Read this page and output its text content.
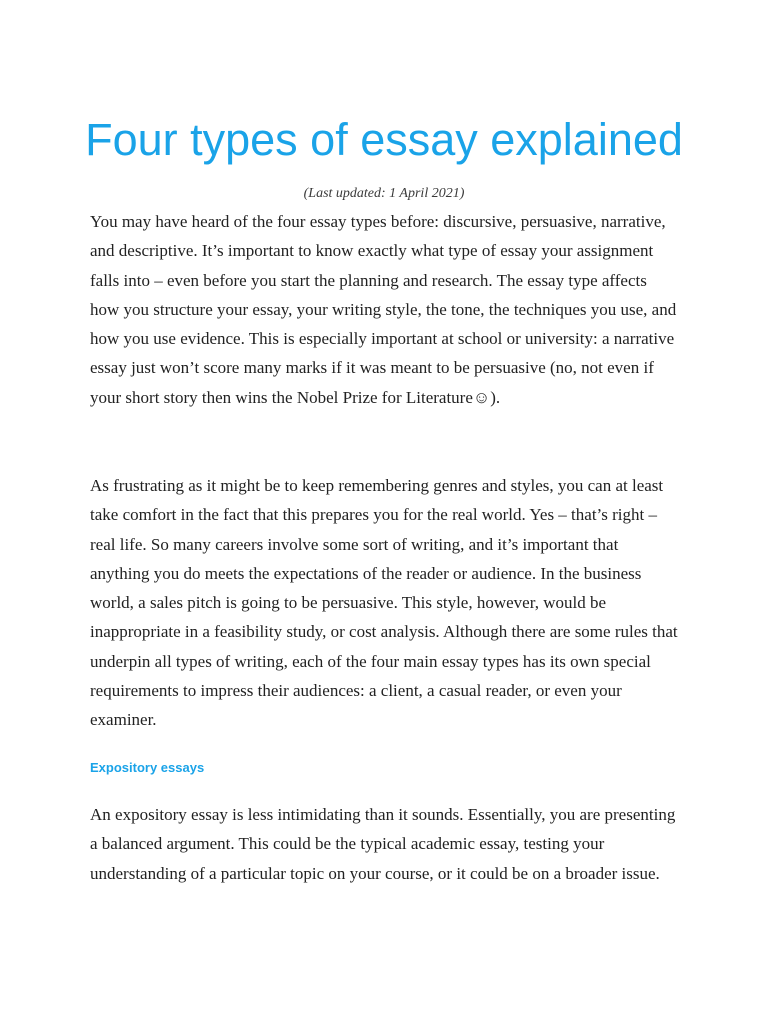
Four types of essay explained

(Last updated: 1 April 2021)

You may have heard of the four essay types before: discursive, persuasive, narrative, and descriptive. It’s important to know exactly what type of essay your assignment falls into – even before you start the planning and research. The essay type affects how you structure your essay, your writing style, the tone, the techniques you use, and how you use evidence. This is especially important at school or university: a narrative essay just won’t score many marks if it was meant to be persuasive (no, not even if your short story then wins the Nobel Prize for Literature☺).

As frustrating as it might be to keep remembering genres and styles, you can at least take comfort in the fact that this prepares you for the real world. Yes – that’s right – real life. So many careers involve some sort of writing, and it’s important that anything you do meets the expectations of the reader or audience. In the business world, a sales pitch is going to be persuasive. This style, however, would be inappropriate in a feasibility study, or cost analysis. Although there are some rules that underpin all types of writing, each of the four main essay types has its own special requirements to impress their audiences: a client, a casual reader, or even your examiner.

Expository essays

An expository essay is less intimidating than it sounds. Essentially, you are presenting a balanced argument. This could be the typical academic essay, testing your understanding of a particular topic on your course, or it could be on a broader issue.
